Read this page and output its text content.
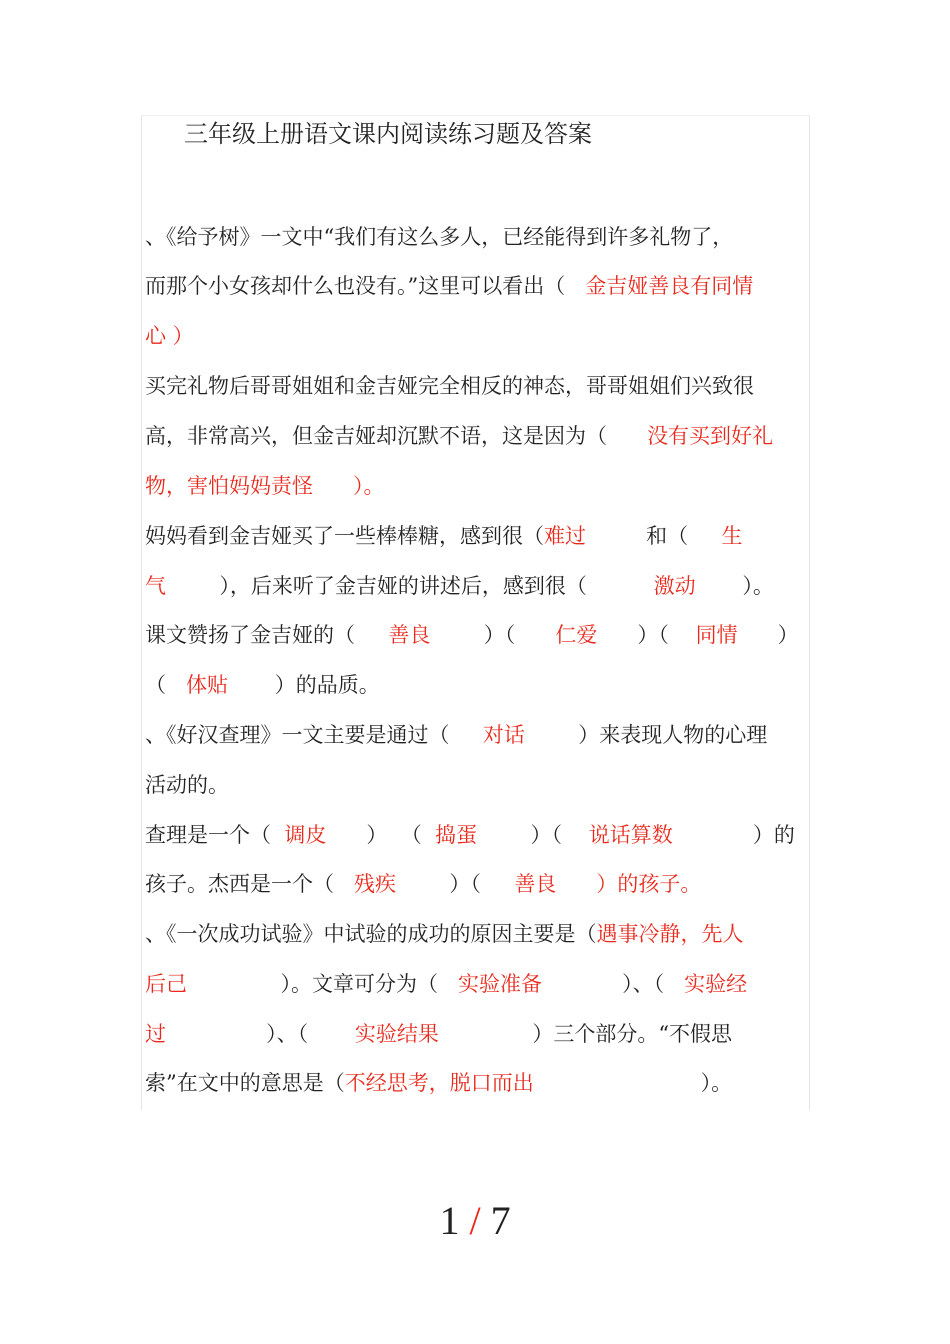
三年级上册语文课内阅读练习题及答案
、《给予树》一文中“我们有这么多人，已经能得到许多礼物了，
而那个小女孩却什么也没有。”这里可以看出（   金吉娅善良有同情
心 ）
买完礼物后哥哥姐姐和金吉娅完全相反的神态，哥哥姐姐们兴致很
高，非常高兴，但金吉娅却沉默不语，这是因为（      没有买到好礼
物，害怕妈妈责怪      ）。
妈妈看到金吉娅买了一些棒棒糖，感到很（难过         和（     生
气        ），后来听了金吉娅的讲述后，感到很（          激动       ）。
课文赞扬了金吉娅的（     善良        ）（      仁爱      ）（    同情      ）
（   体贴       ）的品质。
、《好汉查理》一文主要是通过（     对话        ）来表现人物的心理
活动的。
查理是一个（  调皮      ）  （  捣蛋        ）（    说话算数            ）的
孩子。杰西是一个（   残疾        ）（     善良      ）的孩子。
、《一次成功试验》中试验的成功的原因主要是（遇事冷静，先人
后己              ）。文章可分为（   实验准备            ）、（   实验经
过               ）、（       实验结果              ）三个部分。“不假思
索”在文中的意思是（不经思考，脱口而出                         ）。
1 / 7
